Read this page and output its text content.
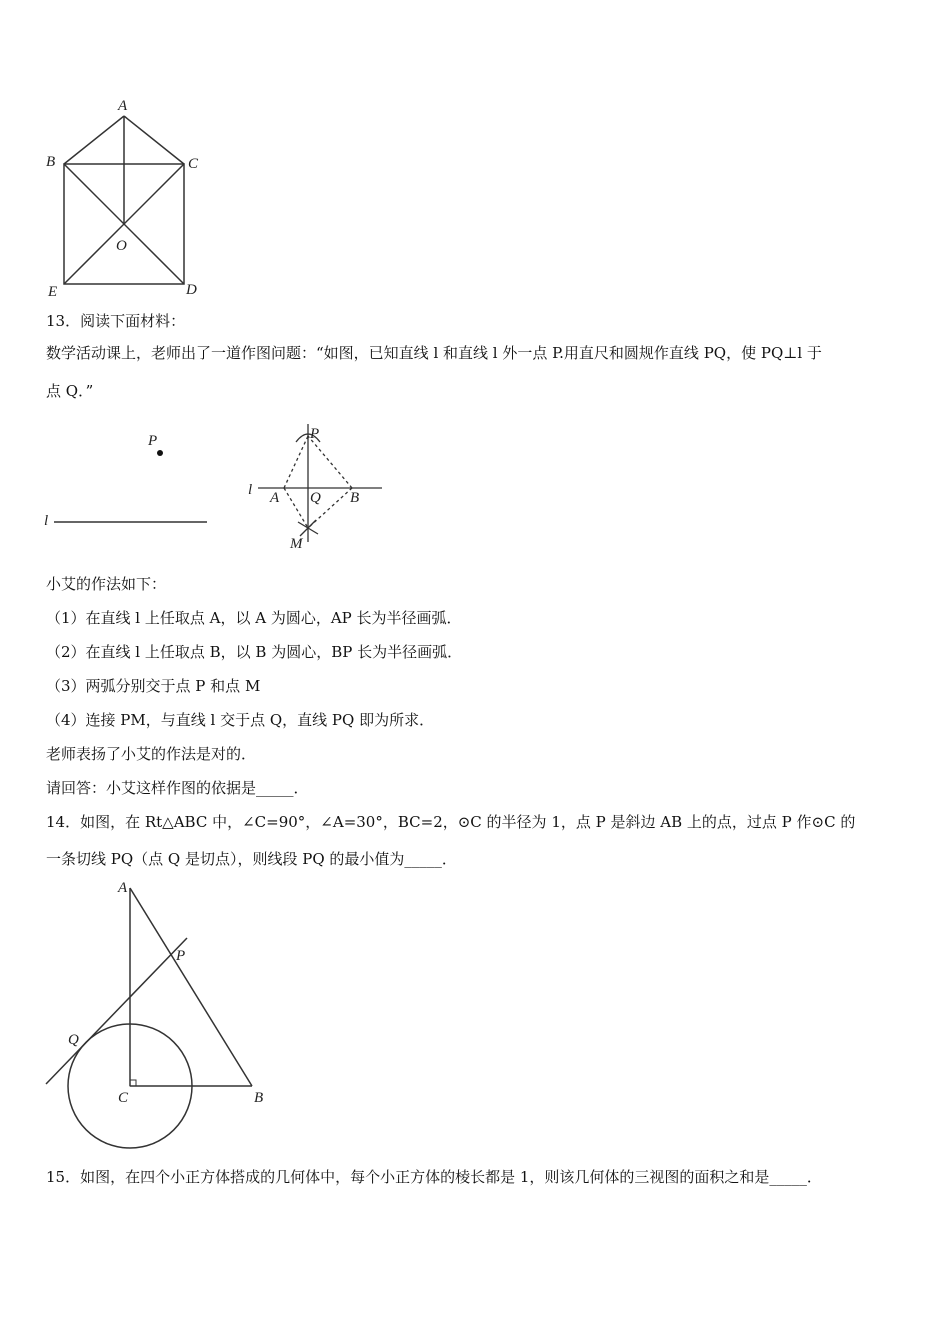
A
B	C
O
E	D
13．阅读下面材料：
数学活动课上，老师出了一道作图问题：“如图，已知直线 l 和直线 l 外一点 P.用直尺和圆规作直线 PQ，使 PQ⊥l 于
点 Q．”
P
l
P
l A Q B
M
小艾的作法如下：
（1）在直线 l 上任取点 A，以 A 为圆心，AP 长为半径画弧．
（2）在直线 l 上任取点 B，以 B 为圆心，BP 长为半径画弧．
（3）两弧分别交于点 P 和点 M
（4）连接 PM，与直线 l 交于点 Q，直线 PQ 即为所求．
老师表扬了小艾的作法是对的．
请回答：小艾这样作图的依据是_____．
14．如图，在 Rt△ABC 中，∠C=90°，∠A=30°，BC=2，⊙C 的半径为 1，点 P 是斜边 AB 上的点，过点 P 作⊙C 的
一条切线 PQ（点 Q 是切点），则线段 PQ 的最小值为_____．
A
P
Q
C	B
15．如图，在四个小正方体搭成的几何体中，每个小正方体的棱长都是 1，则该几何体的三视图的面积之和是_____．
